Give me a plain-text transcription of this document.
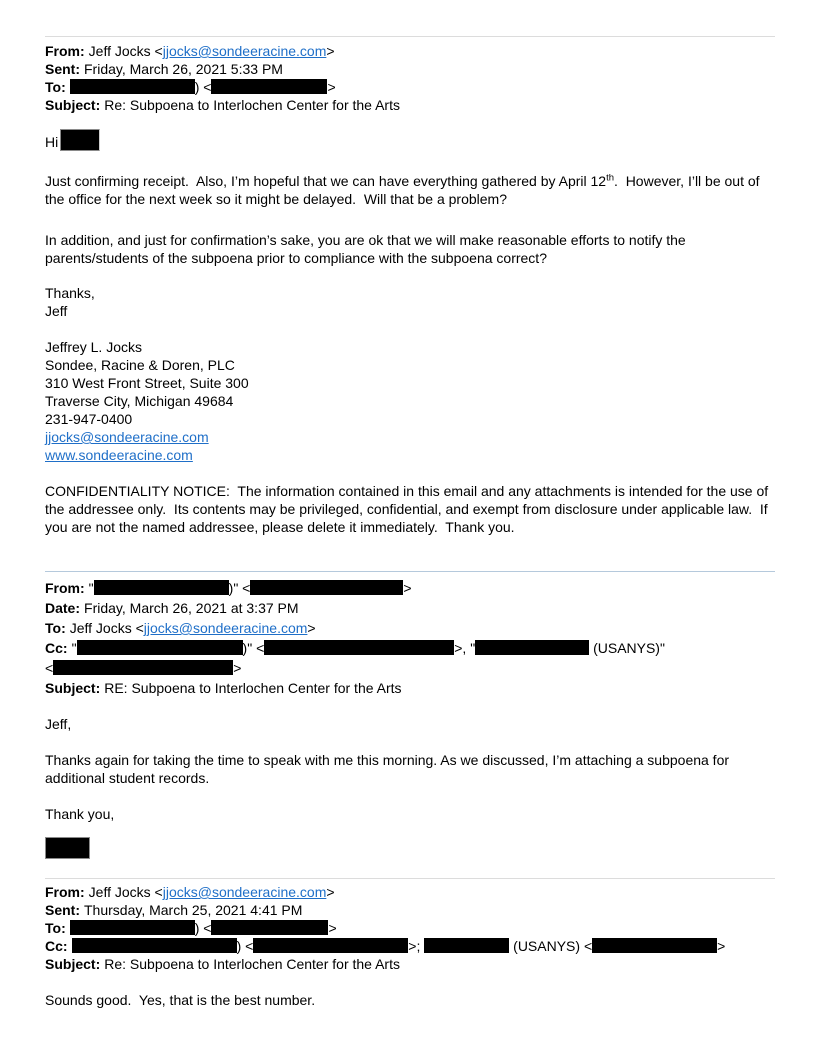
From: Jeff Jocks <jjocks@sondeeracine.com>
Sent: Friday, March 26, 2021 5:33 PM
To:	) <	>
Subject: Re: Subpoena to Interlochen Center for the Arts
Hi

Just confirming receipt.  Also, I’m hopeful that we can have everything gathered by April 12th.  However, I’ll be out of the office for the next week so it might be delayed.  Will that be a problem?

In addition, and just for confirmation’s sake, you are ok that we will make reasonable efforts to notify the parents/students of the subpoena prior to compliance with the subpoena correct?

Thanks,
Jeff
Jeffrey L. Jocks
Sondee, Racine & Doren, PLC
310 West Front Street, Suite 300
Traverse City, Michigan 49684
231-947-0400
jjocks@sondeeracine.com
www.sondeeracine.com

CONFIDENTIALITY NOTICE:  The information contained in this email and any attachments is intended for the use of the addressee only.  Its contents may be privileged, confidential, and exempt from disclosure under applicable law.  If you are not the named addressee, please delete it immediately.  Thank you.

From: "	)" <	>
Date: Friday, March 26, 2021 at 3:37 PM
To: Jeff Jocks <jjocks@sondeeracine.com>
Cc: "	)" <	>, "	(USANYS)"
<	>
Subject: RE: Subpoena to Interlochen Center for the Arts
Jeff,

Thanks again for taking the time to speak with me this morning. As we discussed, I’m attaching a subpoena for additional student records.

Thank you,
From: Jeff Jocks <jjocks@sondeeracine.com>
Sent: Thursday, March 25, 2021 4:41 PM
To:	) <	>
Cc:	) <	>;	(USANYS) <	>
Subject: Re: Subpoena to Interlochen Center for the Arts

Sounds good.  Yes, that is the best number.
